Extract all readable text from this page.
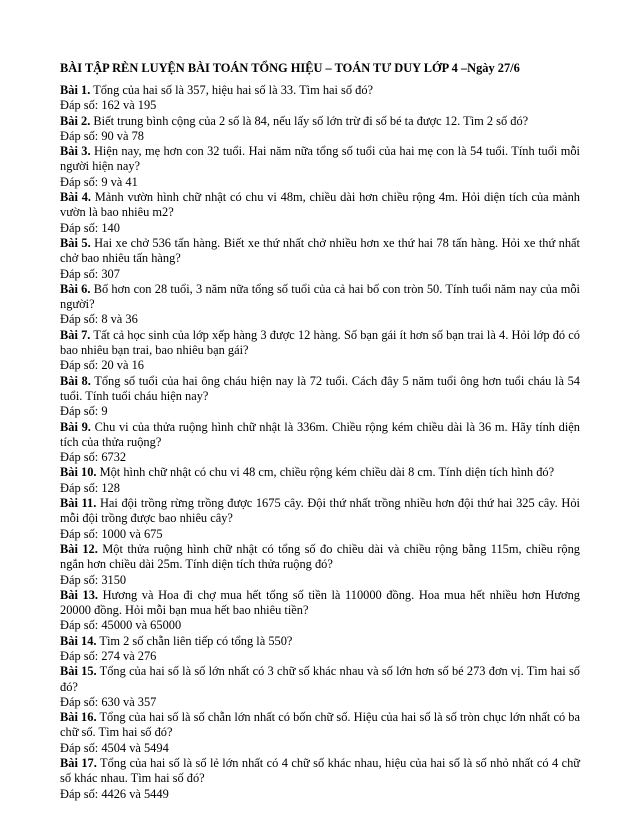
BÀI TẬP RÈN LUYỆN BÀI TOÁN TỔNG HIỆU – TOÁN TƯ DUY LỚP 4 –Ngày 27/6

Bài 1. Tổng của hai số là 357, hiệu hai số là 33. Tìm hai số đó?

Đáp số: 162 và 195

Bài 2. Biết trung bình cộng của 2 số là 84, nếu lấy số lớn trừ đi số bé ta được 12. Tìm 2 số đó?

Đáp số: 90 và 78

Bài 3. Hiện nay, mẹ hơn con 32 tuổi. Hai năm nữa tổng số tuổi của hai mẹ con là 54 tuổi. Tính tuổi mỗi người hiện nay?

Đáp số: 9 và 41

Bài 4. Mảnh vườn hình chữ nhật có chu vi 48m, chiều dài hơn chiều rộng 4m. Hỏi diện tích của mảnh vườn là bao nhiêu m2?

Đáp số: 140

Bài 5. Hai xe chở 536 tấn hàng. Biết xe thứ nhất chở nhiều hơn xe thứ hai 78 tấn hàng. Hỏi xe thứ nhất chở bao nhiêu tấn hàng?

Đáp số: 307

Bài 6. Bố hơn con 28 tuổi, 3 năm nữa tổng số tuổi của cả hai bố con tròn 50. Tính tuổi năm nay của mỗi người?

Đáp số: 8 và 36

Bài 7. Tất cả học sinh của lớp xếp hàng 3 được 12 hàng. Số bạn gái ít hơn số bạn trai là 4. Hỏi lớp đó có bao nhiêu bạn trai, bao nhiêu bạn gái?

Đáp số: 20 và 16

Bài 8. Tổng số tuổi của hai ông cháu hiện nay là 72 tuổi. Cách đây 5 năm tuổi ông hơn tuổi cháu là 54 tuổi. Tính tuổi cháu hiện nay?

Đáp số: 9

Bài 9. Chu vi của thửa ruộng hình chữ nhật là 336m. Chiều rộng kém chiều dài là 36 m. Hãy tính diện tích của thửa ruộng?

Đáp số: 6732

Bài 10. Một hình chữ nhật có chu vi 48 cm, chiều rộng kém chiều dài 8 cm. Tính diện tích hình đó?

Đáp số: 128

Bài 11. Hai đội trồng rừng trồng được 1675 cây. Đội thứ nhất trồng nhiều hơn đội thứ hai 325 cây. Hỏi mỗi đội trồng được bao nhiêu cây?

Đáp số: 1000 và 675

Bài 12. Một thửa ruộng hình chữ nhật có tổng số đo chiều dài và chiều rộng bằng 115m, chiều rộng ngắn hơn chiều dài 25m. Tính diện tích thửa ruộng đó?

Đáp số: 3150

Bài 13. Hương và Hoa đi chợ mua hết tổng số tiền là 110000 đồng. Hoa mua hết nhiều hơn Hương 20000 đồng. Hỏi mỗi bạn mua hết bao nhiêu tiền?

Đáp số: 45000 và 65000

Bài 14. Tìm 2 số chẵn liên tiếp có tổng là 550?

Đáp số: 274 và 276

Bài 15. Tổng của hai số là số lớn nhất có 3 chữ số khác nhau và số lớn hơn số bé 273 đơn vị. Tìm hai số đó?

Đáp số: 630 và 357

Bài 16. Tổng của hai số là số chẵn lớn nhất có bốn chữ số. Hiệu của hai số là số tròn chục lớn nhất có ba chữ số. Tìm hai số đó?

Đáp số: 4504 và 5494

Bài 17. Tổng của hai số là số lẻ lớn nhất có 4 chữ số khác nhau, hiệu của hai số là số nhỏ nhất có 4 chữ số khác nhau. Tìm hai số đó?

Đáp số: 4426 và 5449
